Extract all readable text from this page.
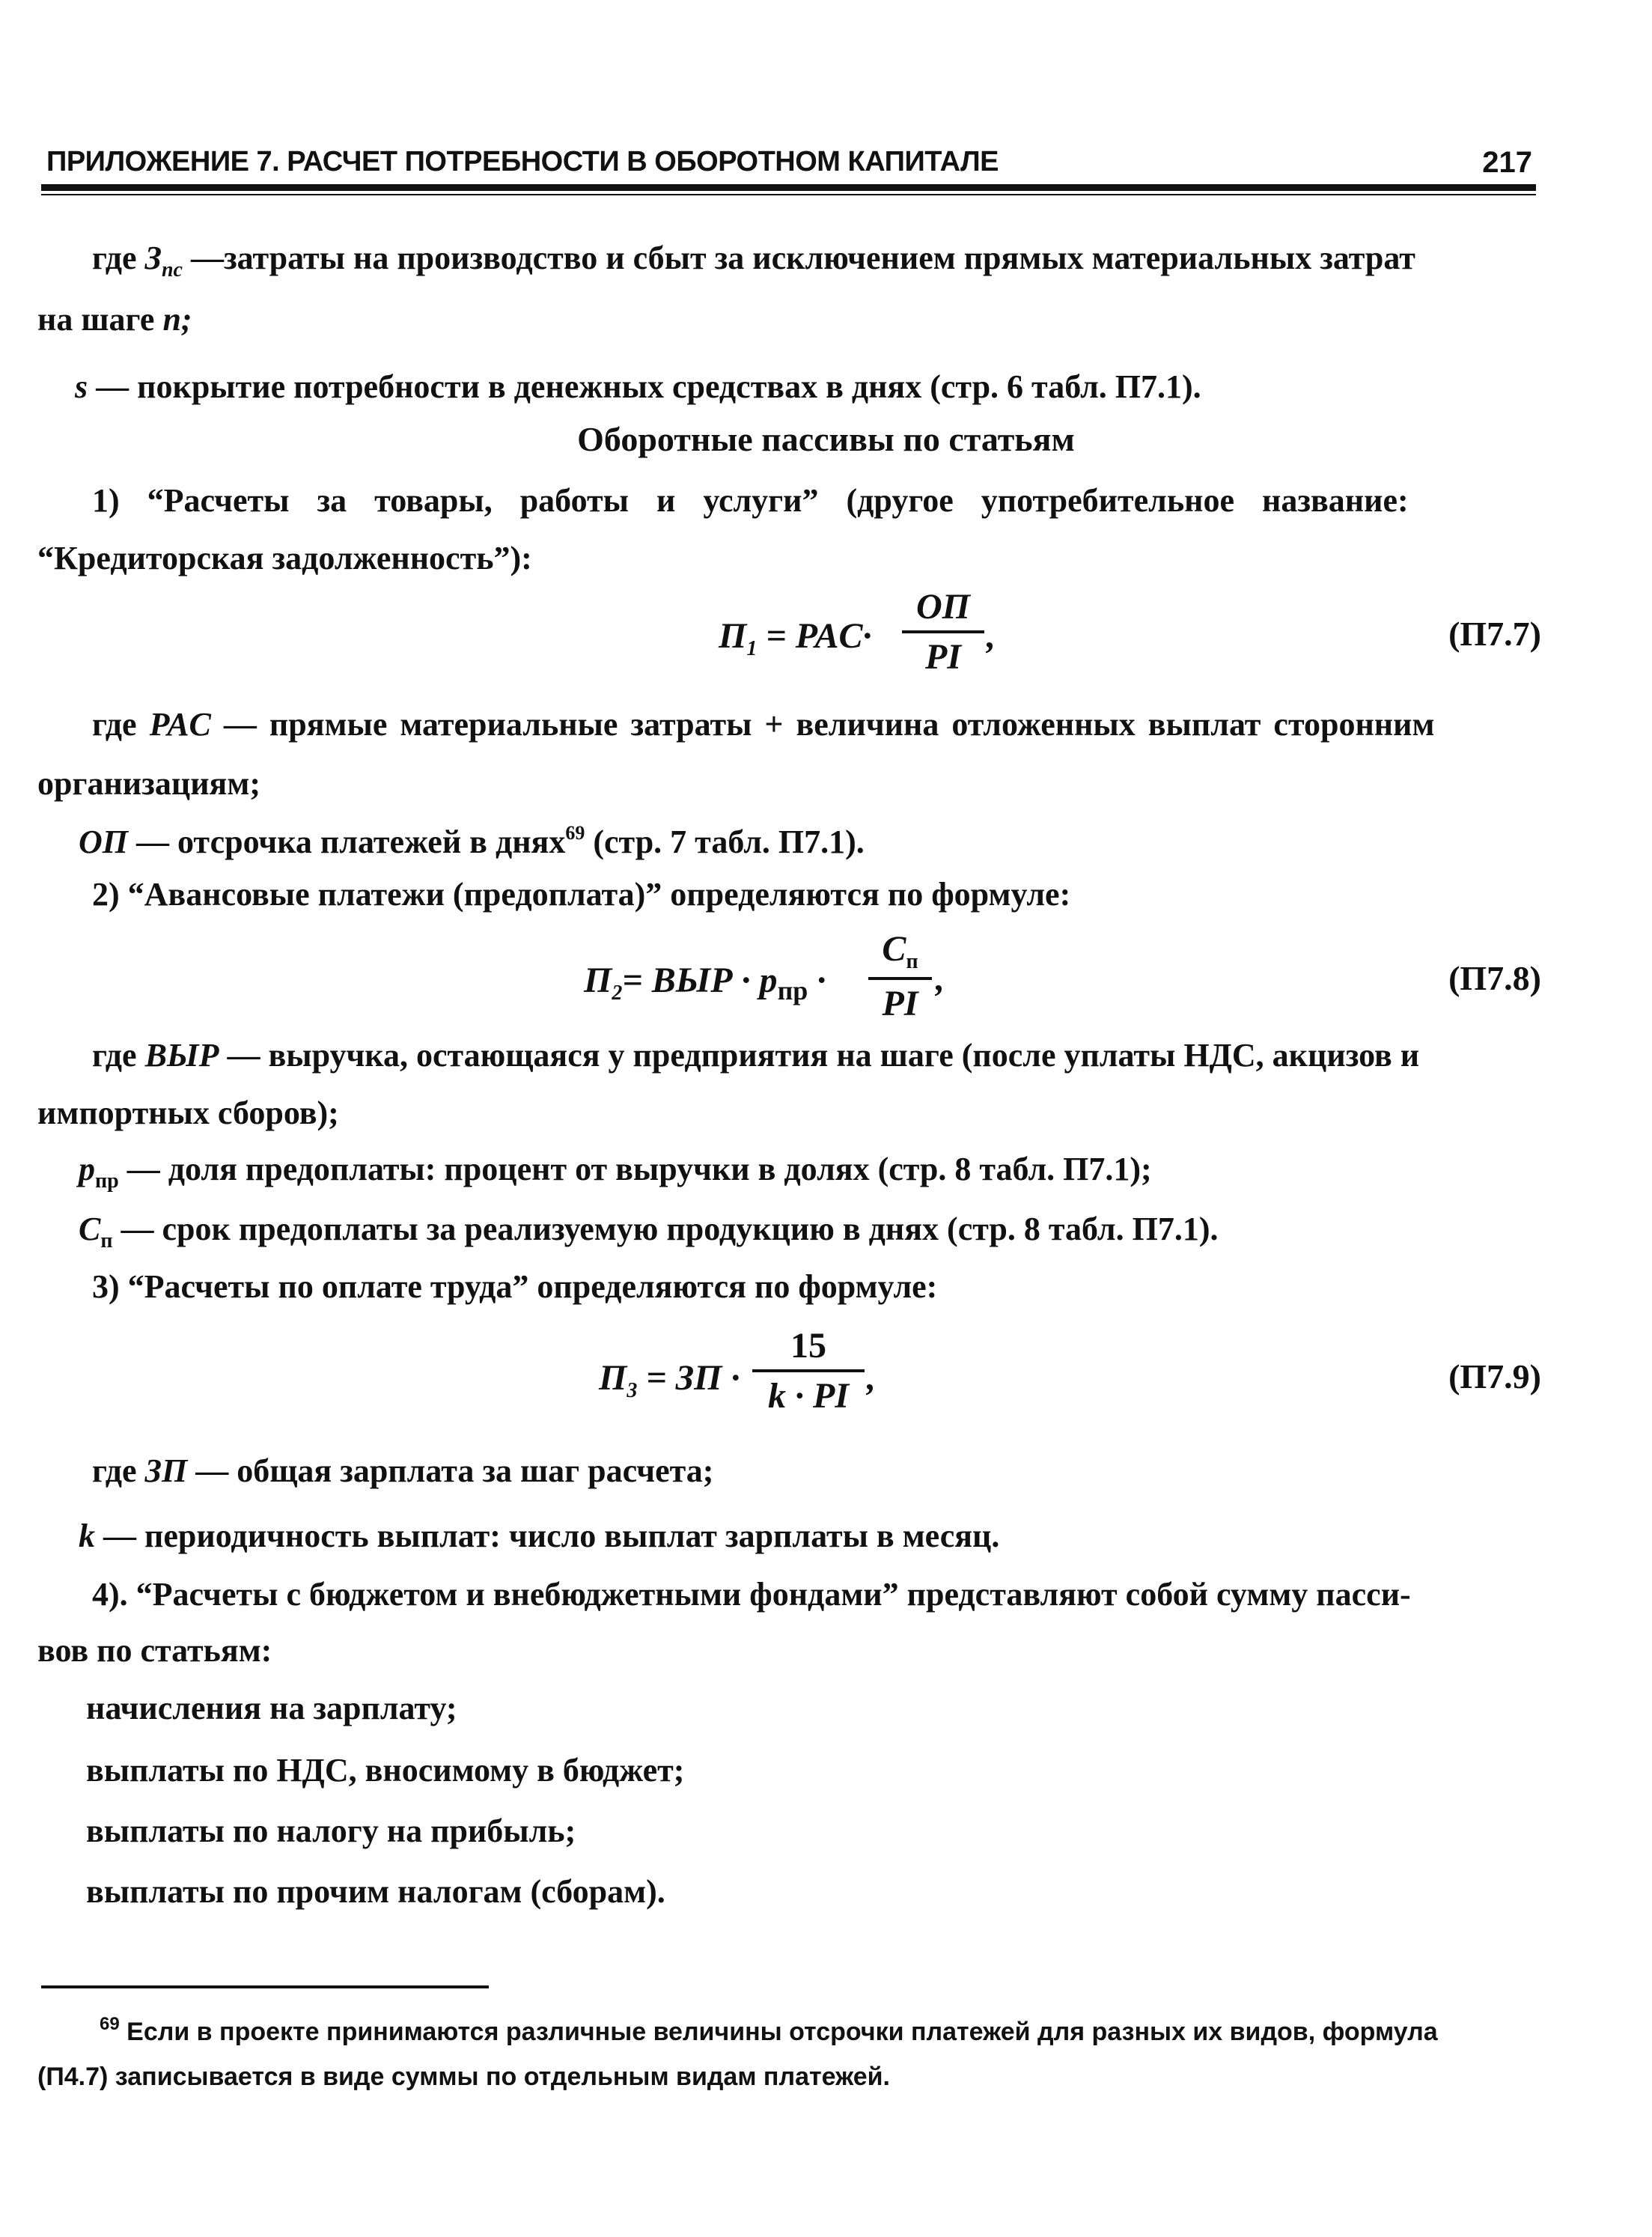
ПРИЛОЖЕНИЕ 7. РАСЧЕТ ПОТРЕБНОСТИ В ОБОРОТНОМ КАПИТАЛЕ	217
где $З_{пс}$ —затраты на производство и сбыт за исключением прямых материальных затрат
на шаге n;
s — покрытие потребности в денежных средствах в днях (стр. 6 табл. П7.1).
Оборотные пассивы по статьям
1) “Расчеты за товары, работы и услуги” (другое употребительное название:
“Кредиторская задолженность”):
$П_1 = PAC\cdot$
ОП
PI
,	(П7.7)
где PAC — прямые материальные затраты + величина отложенных выплат сторонним
организациям;
ОП — отсрочка платежей в днях$^{69}$ (стр. 7 табл. П7.1).
2) “Авансовые платежи (предоплата)” определяются по формуле:
$П_2=$ ВЫР · $p_{пр}$ ·
$C_п$
PI
,	(П7.8)
где ВЫР — выручка, остающаяся у предприятия на шаге (после уплаты НДС, акцизов и
импортных сборов);
$p_{пр}$ — доля предоплаты: процент от выручки в долях (стр. 8 табл. П7.1);
$C_п$ — срок предоплаты за реализуемую продукцию в днях (стр. 8 табл. П7.1).
3) “Расчеты по оплате труда” определяются по формуле:
$П_3$ = ЗП ·
15
k · PI ,	(П7.9)
где ЗП — общая зарплата за шаг расчета;
k — периодичность выплат: число выплат зарплаты в месяц.
4). “Расчеты с бюджетом и внебюджетными фондами” представляют собой сумму пасси-
вов по статьям:
начисления на зарплату;
выплаты по НДС, вносимому в бюджет;
выплаты по налогу на прибыль;
выплаты по прочим налогам (сборам).
$^{69}$ Если в проекте принимаются различные величины отсрочки платежей для разных их видов, формула
(П4.7) записывается в виде суммы по отдельным видам платежей.
